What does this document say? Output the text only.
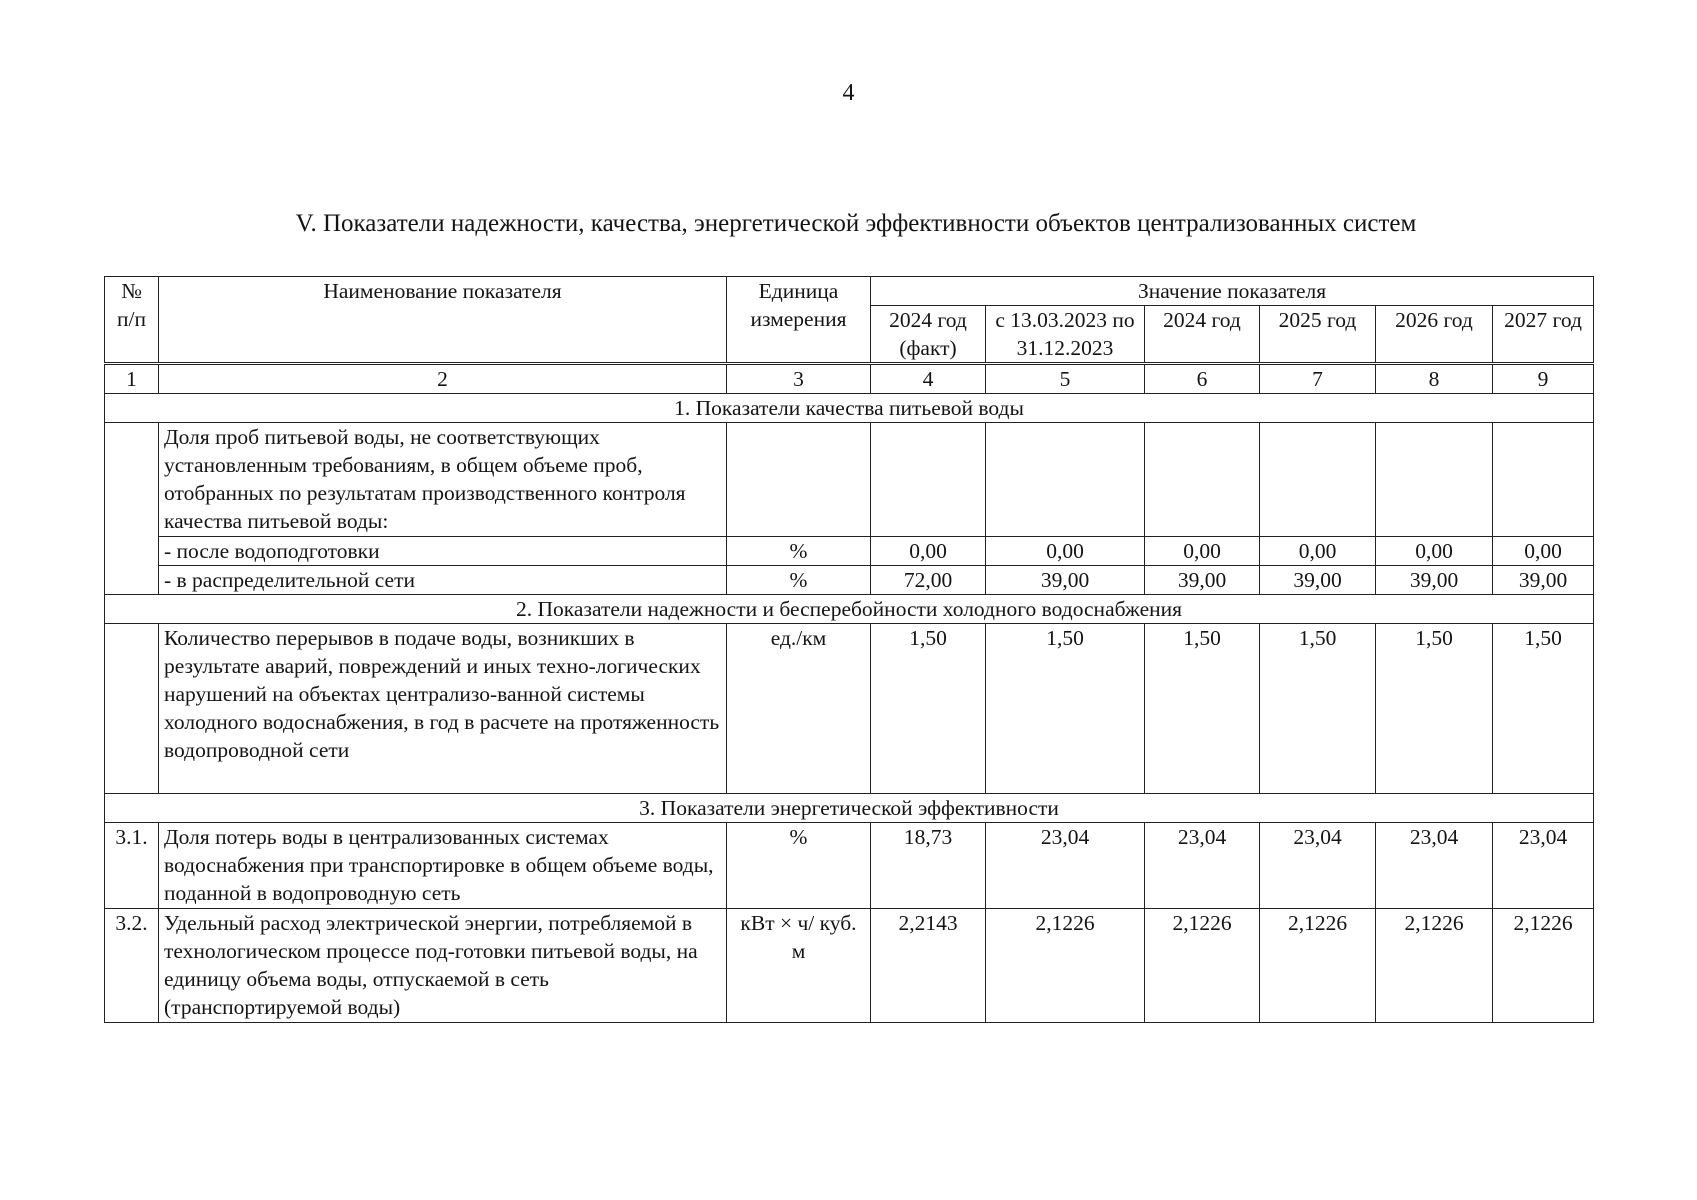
4
V. Показатели надежности, качества, энергетической эффективности объектов централизованных систем
№ п/п	Наименование показателя	Единица измерения	Значение показателя					
			2024 год (факт)	с 13.03.2023 по 31.12.2023	2024 год	2025 год	2026 год	2027 год
1	2	3	4	5	6	7	8	9
1. Показатели качества питьевой воды								
	Доля проб питьевой воды, не соответствующих установленным требованиям, в общем объеме проб, отобранных по результатам производственного контроля качества питьевой воды:							
	- после водоподготовки	%	0,00	0,00	0,00	0,00	0,00	0,00
	- в распределительной сети	%	72,00	39,00	39,00	39,00	39,00	39,00
2. Показатели надежности и бесперебойности холодного водоснабжения								
	Количество перерывов в подаче воды, возникших в результате аварий, повреждений и иных техно-логических нарушений на объектах централизо-ванной системы холодного водоснабжения, в год в расчете на протяженность водопроводной сети	ед./км	1,50	1,50	1,50	1,50	1,50	1,50
3. Показатели энергетической эффективности								
3.1.	Доля потерь воды в централизованных системах водоснабжения при транспортировке в общем объеме воды, поданной в водопроводную сеть	%	18,73	23,04	23,04	23,04	23,04	23,04
3.2.	Удельный расход электрической энергии, потребляемой в технологическом процессе под-готовки питьевой воды, на единицу объема воды, отпускаемой в сеть (транспортируемой воды)	кВт × ч/ куб. м	2,2143	2,1226	2,1226	2,1226	2,1226	2,1226
